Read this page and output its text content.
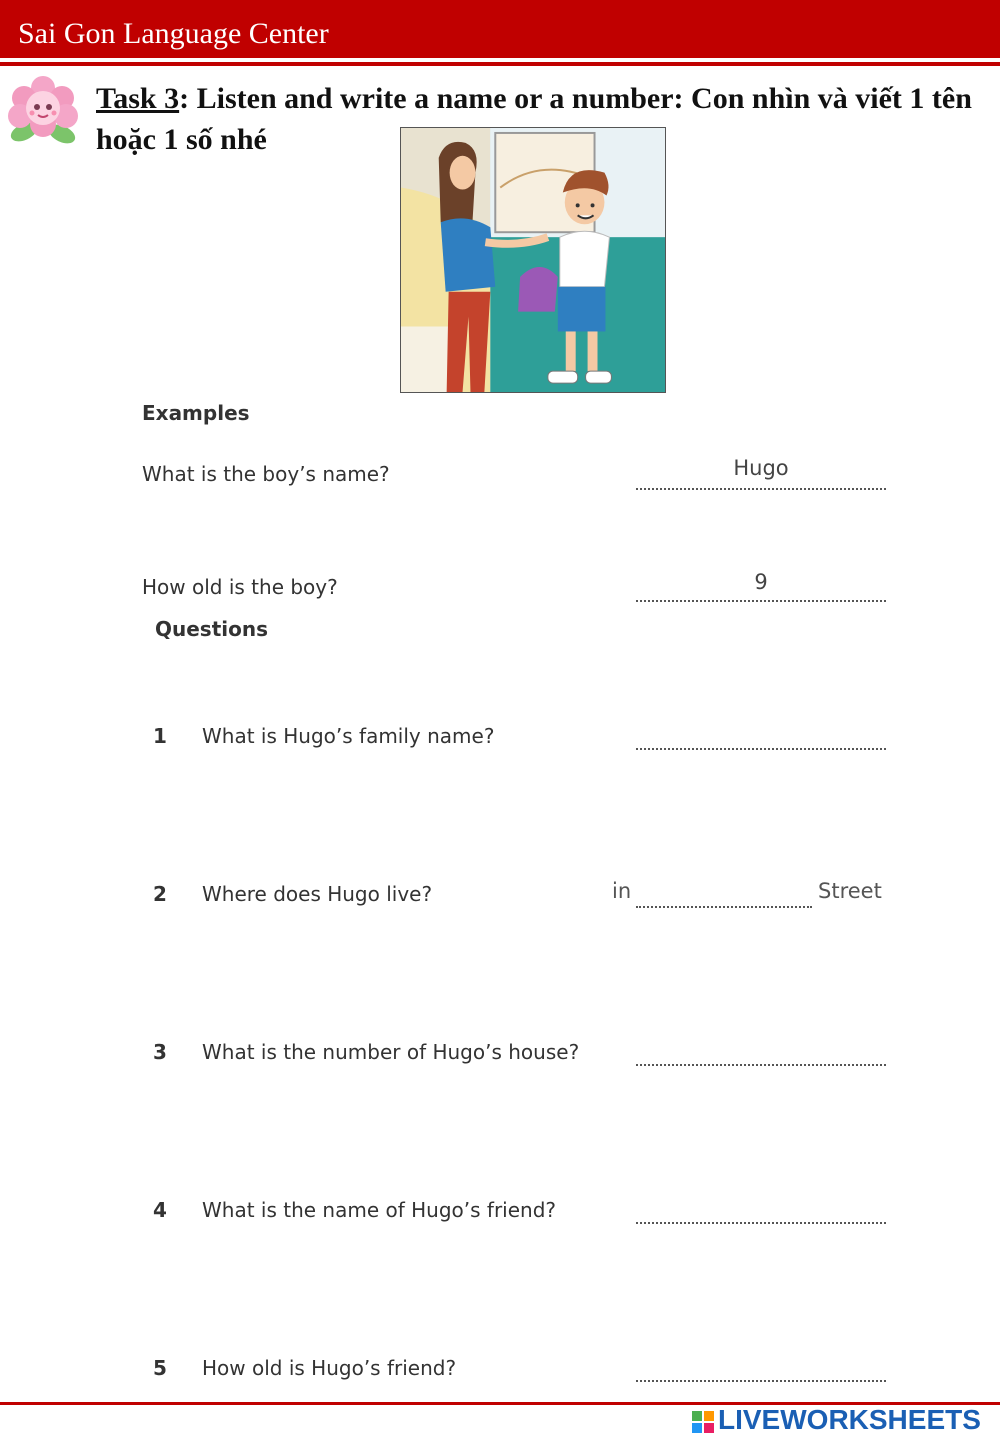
Sai Gon Language Center
Task 3: Listen and write a name or a number: Con nhìn và viết 1 tên hoặc 1 số nhé
Examples
What is the boy’s name?	Hugo
How old is the boy?	9
Questions
1 What is Hugo’s family name?
2 Where does Hugo live?	in	Street
3 What is the number of Hugo’s house?
4 What is the name of Hugo’s friend?
5 How old is Hugo’s friend?
LIVEWORKSHEETS
